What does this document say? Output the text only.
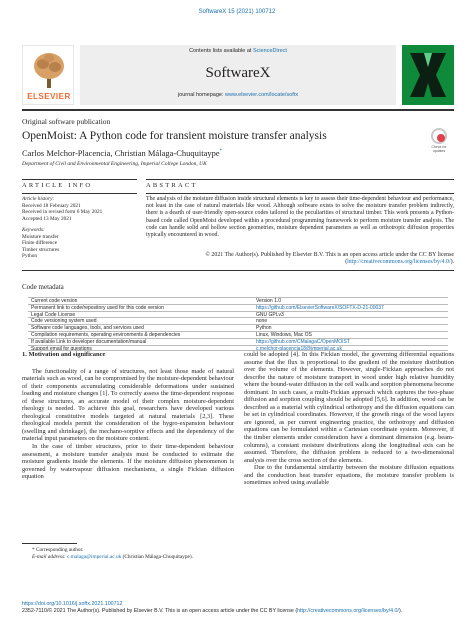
SoftwareX 15 (2021) 100712
ELSEVIER
Contents lists available at ScienceDirect
SoftwareX
journal homepage: www.elsevier.com/locate/softx
Original software publication
OpenMoist: A Python code for transient moisture transfer analysis
Check for updates
Carlos Melchor-Placencia, Christian Málaga-Chuquitaype*
Department of Civil and Environmental Engineering, Imperial College London, UK
ARTICLE INFO
Article history:
Received 18 February 2021
Received in revised form 6 May 2021
Accepted 13 May 2021
Keywords:
Moisture transfer
Finite difference
Timber structures
Python
ABSTRACT
The analysis of the moisture diffusion inside structural elements is key to assess their time-dependent behaviour and performance, not least in the case of natural materials like wood. Although software exists to solve the moisture transfer problem indirectly, there is a dearth of user-friendly open-source codes tailored to the peculiarities of structural timber. This work presents a Python-based code called OpenMoist developed within a procedural programming framework to perform moisture transfer analysis. The code can handle solid and hollow section geometries, moisture dependent parameters as well as orthotropic diffusion properties typically encountered in wood.
© 2021 The Author(s). Published by Elsevier B.V. This is an open access article under the CC BY license (http://creativecommons.org/licenses/by/4.0/).
Code metadata
Current code version	Version 1.0
Permanent link to code/repository used for this code version	https://github.com/ElsevierSoftwareX/SOFTX-D-21-00037
Legal Code License	GNU GPLv3
Code versioning system used	none
Software code languages, tools, and services used	Python
Compilation requirements, operating environments & dependencies	Linux, Windows, Mac OS
If available Link to developer documentation/manual	https://github.com/CMalagaC/OpenMOIST
Support email for questions	c.melchor-placencia18@imperial.ac.uk
1. Motivation and significance

The functionality of a range of structures, not least those made of natural materials such as wood, can be compromised by the moisture-dependent behaviour of their components accumulating considerable deformations under sustained loading and moisture changes [1]. To correctly assess the time-dependent response of these structures, an accurate model of their complex moisture-dependent rheology is needed. To achieve this goal, researchers have developed various rheological constitutive models targeted at natural materials [2,3]. These rheological models permit the consideration of the hygro-expansion behaviour (swelling and shrinkage), the mechano-sorptive effects and the dependency of the material input parameters on the moisture content.

In the case of timber structures, prior to their time-dependent behaviour assessment, a moisture transfer analysis must be conducted to estimate the moisture gradients inside the elements. If the moisture diffusion phenomenon is governed by watervapour diffusion mechanisms, a single Fickian diffusion equation

could be adopted [4]. In this Fickian model, the governing differential equations assume that the flux is proportional to the gradient of the moisture distribution over the volume of the elements. However, single-Fickian approaches do not describe the nature of moisture transport in wood under high relative humidity where the bound-water diffusion in the cell walls and sorption phenomena become dominant. In such cases, a multi-Fickian approach which captures the two-phase diffusion and sorption coupling should be adopted [5,6]. In addition, wood can be described as a material with cylindrical orthotropy and the diffusion equations can be set in cylindrical coordinates. However, if the growth rings of the wood layers are ignored, as per current engineering practice, the orthotropy and diffusion equations can be formulated within a Cartesian coordinate system. Moreover, if the timber elements under consideration have a dominant dimension (e.g. beam-columns), a constant moisture distributions along the longitudinal axis can be assumed. Therefore, the diffusion problem is reduced to a two-dimensional analysis over the cross section of the elements.

Due to the fundamental similarity between the moisture diffusion equations and the conduction heat transfer equations, the moisture transfer problem is sometimes solved using available

* Corresponding author.
E-mail address: c.malaga@imperial.ac.uk (Christian Málaga-Chuquitaype).
https://doi.org/10.1016/j.softx.2021.100712
2352-7110/© 2021 The Author(s). Published by Elsevier B.V. This is an open access article under the CC BY license (http://creativecommons.org/licenses/by/4.0/).
